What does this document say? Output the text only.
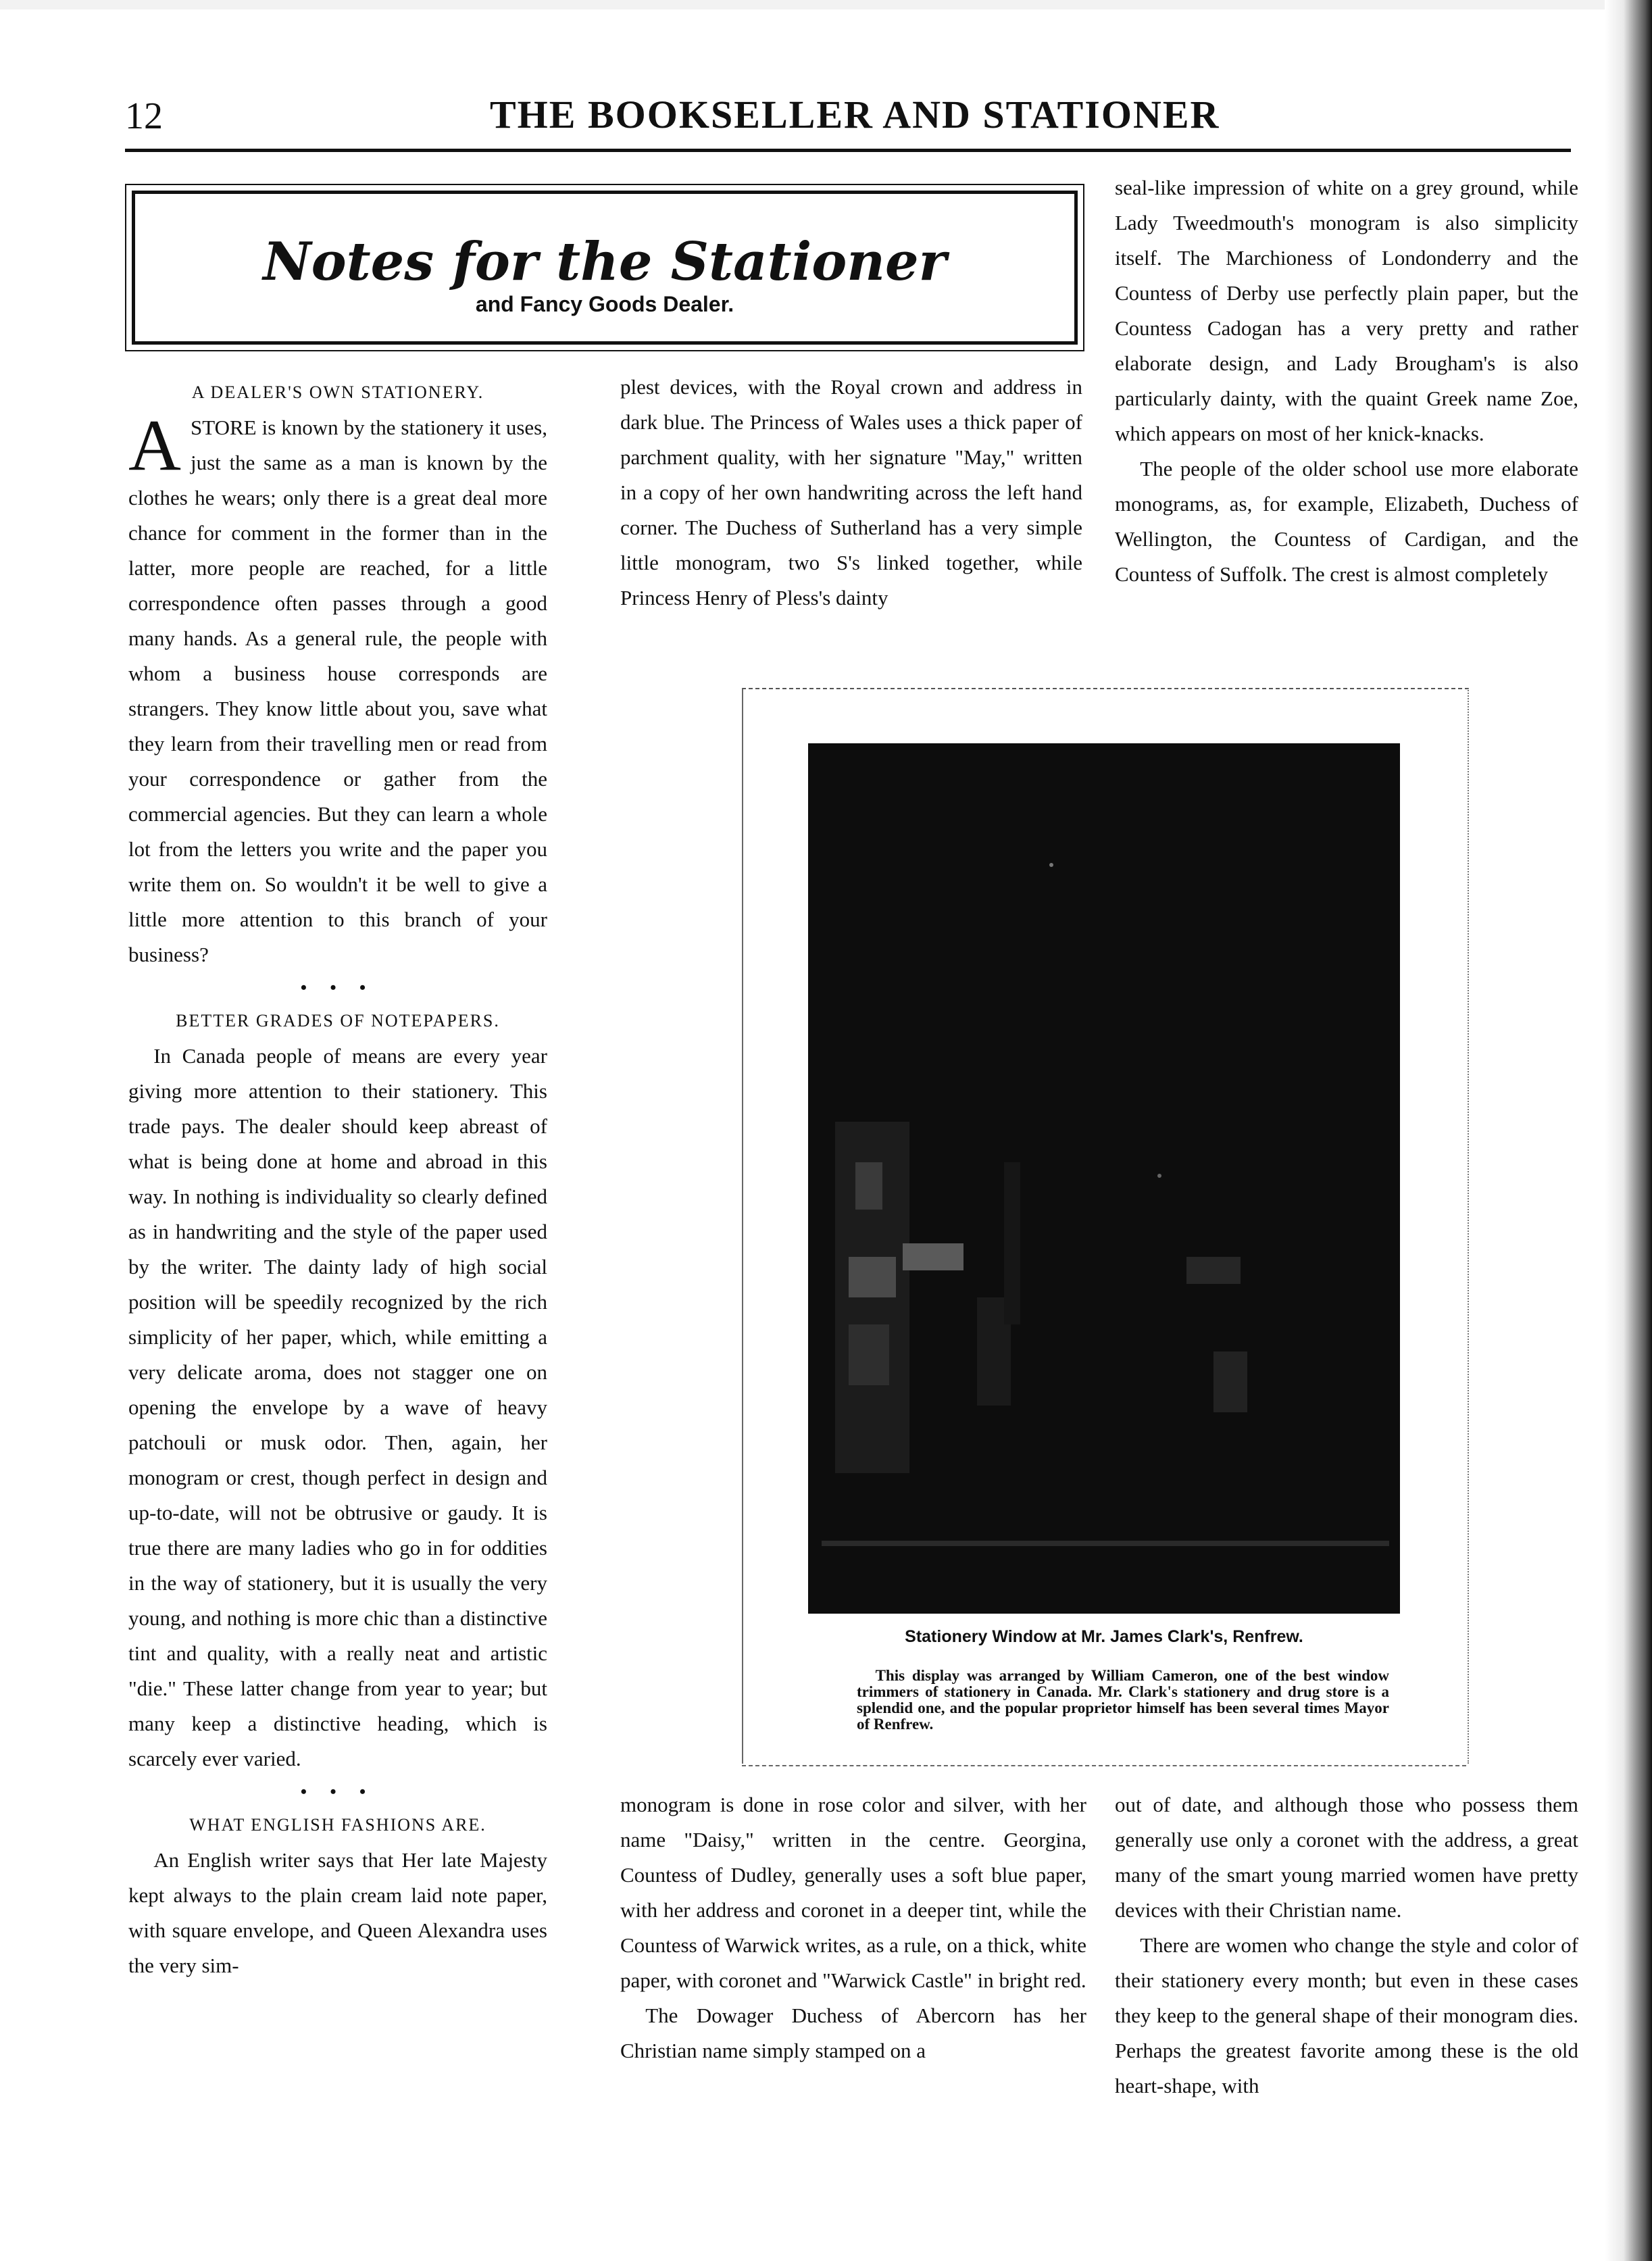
12	THE BOOKSELLER AND STATIONER
Notes for the Stationer
and Fancy Goods Dealer.
A DEALER'S OWN STATIONERY.

ASTORE is known by the stationery it uses, just the same as a man is known by the clothes he wears; only there is a great deal more chance for comment in the former than in the latter, more people are reached, for a little correspondence often passes through a good many hands. As a general rule, the people with whom a business house corresponds are strangers. They know little about you, save what they learn from their travelling men or read from your correspondence or gather from the commercial agencies. But they can learn a whole lot from the letters you write and the paper you write them on. So wouldn't it be well to give a little more attention to this branch of your business?

• • •
BETTER GRADES OF NOTEPAPERS.

In Canada people of means are every year giving more attention to their stationery. This trade pays. The dealer should keep abreast of what is being done at home and abroad in this way. In nothing is individuality so clearly defined as in handwriting and the style of the paper used by the writer. The dainty lady of high social position will be speedily recognized by the rich simplicity of her paper, which, while emitting a very delicate aroma, does not stagger one on opening the envelope by a wave of heavy patchouli or musk odor. Then, again, her monogram or crest, though perfect in design and up-to-date, will not be obtrusive or gaudy. It is true there are many ladies who go in for oddities in the way of stationery, but it is usually the very young, and nothing is more chic than a distinctive tint and quality, with a really neat and artistic "die." These latter change from year to year; but many keep a distinctive heading, which is scarcely ever varied.

• • •
WHAT ENGLISH FASHIONS ARE.

An English writer says that Her late Majesty kept always to the plain cream laid note paper, with square envelope, and Queen Alexandra uses the very sim-

plest devices, with the Royal crown and address in dark blue. The Princess of Wales uses a thick paper of parchment quality, with her signature "May," written in a copy of her own handwriting across the left hand corner. The Duchess of Sutherland has a very simple little monogram, two S's linked together, while Princess Henry of Pless's dainty

seal-like impression of white on a grey ground, while Lady Tweedmouth's monogram is also simplicity itself. The Marchioness of Londonderry and the Countess of Derby use perfectly plain paper, but the Countess Cadogan has a very pretty and rather elaborate design, and Lady Brougham's is also particularly dainty, with the quaint Greek name Zoe, which appears on most of her knick-knacks.

The people of the older school use more elaborate monograms, as, for example, Elizabeth, Duchess of Wellington, the Countess of Cardigan, and the Countess of Suffolk. The crest is almost completely

Stationery Window at Mr. James Clark's, Renfrew.
This display was arranged by William Cameron, one of the best window trimmers of stationery in Canada. Mr. Clark's stationery and drug store is a splendid one, and the popular proprietor himself has been several times Mayor of Renfrew.

monogram is done in rose color and silver, with her name "Daisy," written in the centre. Georgina, Countess of Dudley, generally uses a soft blue paper, with her address and coronet in a deeper tint, while the Countess of Warwick writes, as a rule, on a thick, white paper, with coronet and "Warwick Castle" in bright red.

The Dowager Duchess of Abercorn has her Christian name simply stamped on a

out of date, and although those who possess them generally use only a coronet with the address, a great many of the smart young married women have pretty devices with their Christian name.

There are women who change the style and color of their stationery every month; but even in these cases they keep to the general shape of their monogram dies. Perhaps the greatest favorite among these is the old heart-shape, with
